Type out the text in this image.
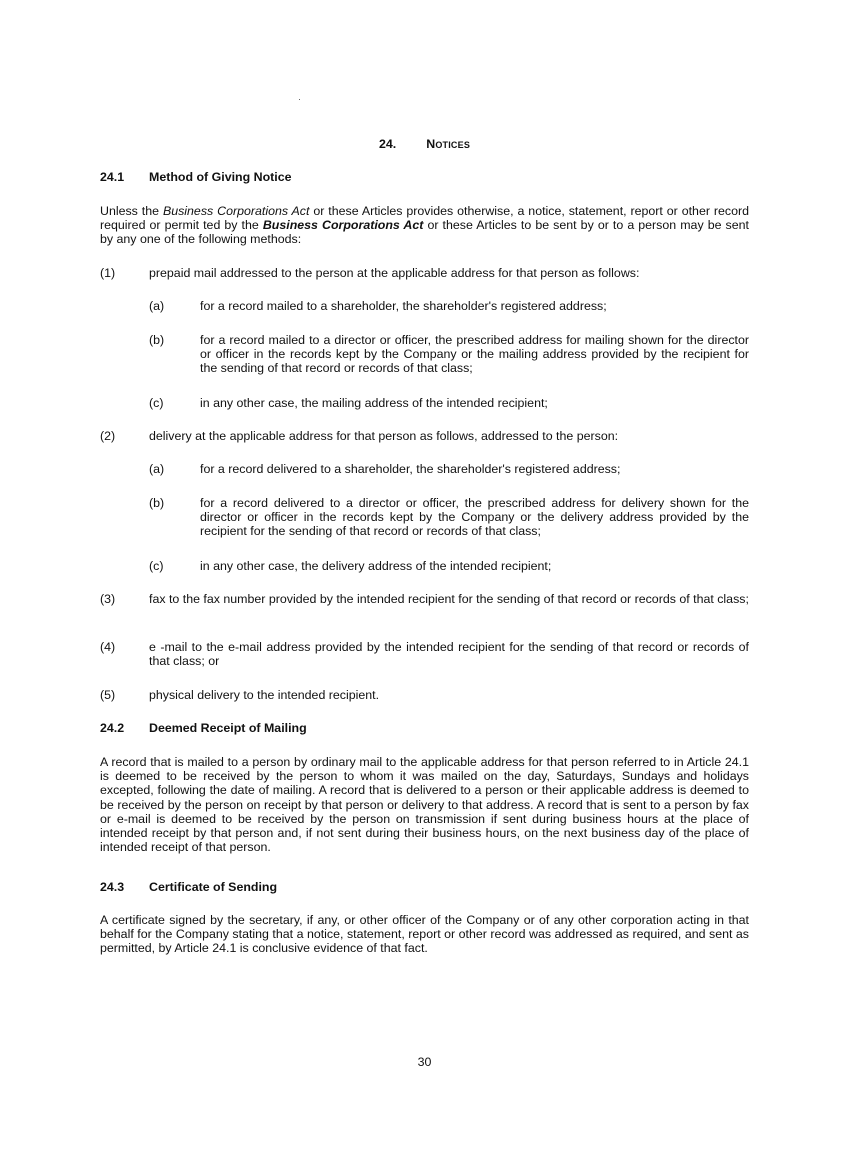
24. Notices
24.1 Method of Giving Notice
Unless the Business Corporations Act or these Articles provides otherwise, a notice, statement, report or other record required or permit ted by the Business Corporations Act or these Articles to be sent by or to a person may be sent by any one of the following methods:
(1)	prepaid mail addressed to the person at the applicable address for that person as follows:
(a)	for a record mailed to a shareholder, the shareholder's registered address;
(b)	for a record mailed to a director or officer, the prescribed address for mailing shown for the director or officer in the records kept by the Company or the mailing address provided by the recipient for the sending of that record or records of that class;
(c)	in any other case, the mailing address of the intended recipient;
(2)	delivery at the applicable address for that person as follows, addressed to the person:
(a)	for a record delivered to a shareholder, the shareholder's registered address;
(b)	for a record delivered to a director or officer, the prescribed address for delivery shown for the director or officer in the records kept by the Company or the delivery address provided by the recipient for the sending of that record or records of that class;
(c)	in any other case, the delivery address of the intended recipient;
(3)	fax to the fax number provided by the intended recipient for the sending of that record or records of that class;
(4)	e -mail to the e-mail address provided by the intended recipient for the sending of that record or records of that class; or
(5)	physical delivery to the intended recipient.
24.2 Deemed Receipt of Mailing
A record that is mailed to a person by ordinary mail to the applicable address for that person referred to in Article 24.1 is deemed to be received by the person to whom it was mailed on the day, Saturdays, Sundays and holidays excepted, following the date of mailing. A record that is delivered to a person or their applicable address is deemed to be received by the person on receipt by that person or delivery to that address. A record that is sent to a person by fax or e-mail is deemed to be received by the person on transmission if sent during business hours at the place of intended receipt by that person and, if not sent during their business hours, on the next business day of the place of intended receipt of that person.
24.3 Certificate of Sending
A certificate signed by the secretary, if any, or other officer of the Company or of any other corporation acting in that behalf for the Company stating that a notice, statement, report or other record was addressed as required, and sent as permitted, by Article 24.1 is conclusive evidence of that fact.
30
